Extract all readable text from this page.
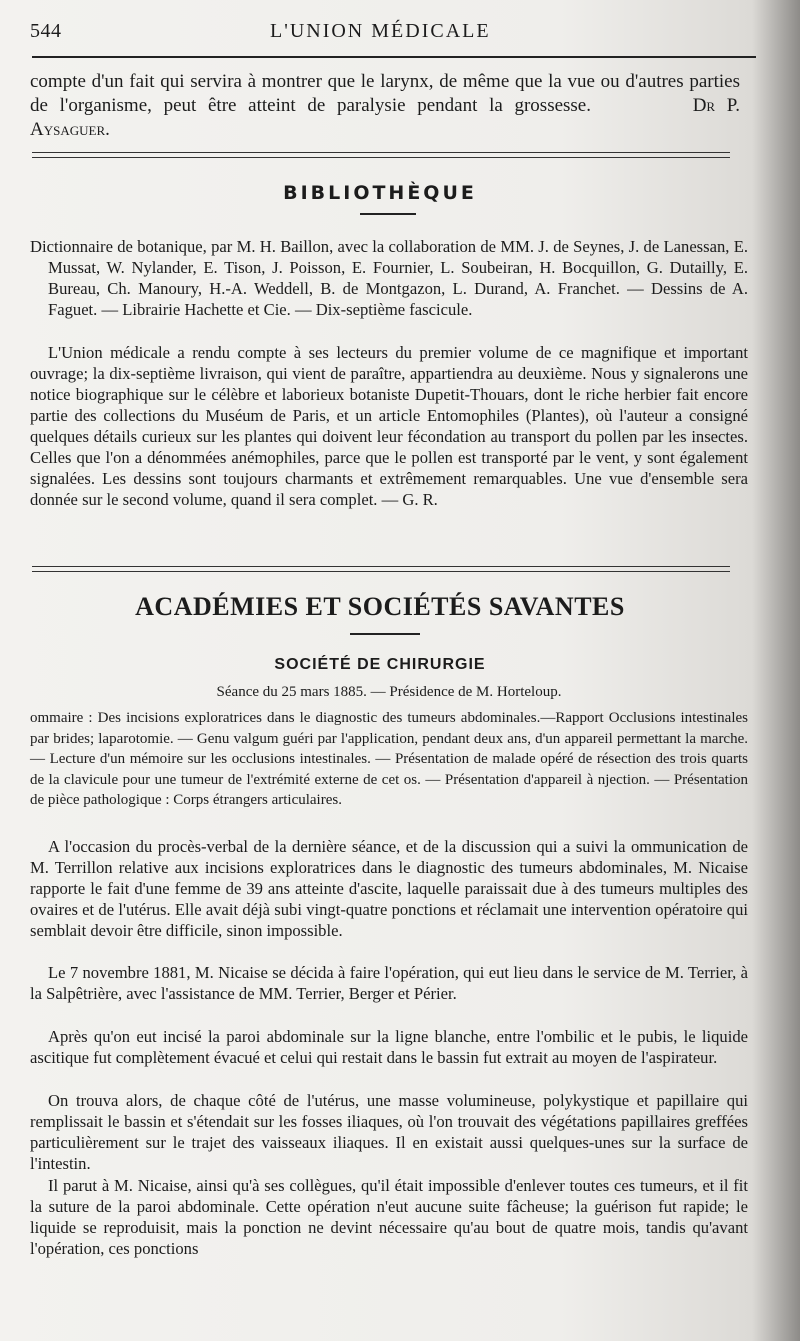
544	L'UNION MÉDICALE
compte d'un fait qui servira à montrer que le larynx, de même que la vue ou d'autres parties de l'organisme, peut être atteint de paralysie pendant la grossesse.	Dr P. Aysaguer.
BIBLIOTHÈQUE
Dictionnaire de botanique, par M. H. Baillon, avec la collaboration de MM. J. de Seynes, J. de Lanessan, E. Mussat, W. Nylander, E. Tison, J. Poisson, E. Fournier, L. Soubeiran, H. Bocquillon, G. Dutailly, E. Bureau, Ch. Manoury, H.-A. Weddell, B. de Montgazon, L. Durand, A. Franchet. — Dessins de A. Faguet. — Librairie Hachette et Cie. — Dix-septième fascicule.
L'Union médicale a rendu compte à ses lecteurs du premier volume de ce magnifique et important ouvrage; la dix-septième livraison, qui vient de paraître, appartiendra au deuxième. Nous y signalerons une notice biographique sur le célèbre et laborieux botaniste Dupetit-Thouars, dont le riche herbier fait encore partie des collections du Muséum de Paris, et un article Entomophiles (Plantes), où l'auteur a consigné quelques détails curieux sur les plantes qui doivent leur fécondation au transport du pollen par les insectes. Celles que l'on a dénommées anémophiles, parce que le pollen est transporté par le vent, y sont également signalées. Les dessins sont toujours charmants et extrêmement remarquables. Une vue d'ensemble sera donnée sur le second volume, quand il sera complet. — G. R.
ACADÉMIES ET SOCIÉTÉS SAVANTES
SOCIÉTÉ DE CHIRURGIE
Séance du 25 mars 1885. — Présidence de M. Horteloup.
ommaire : Des incisions exploratrices dans le diagnostic des tumeurs abdominales.—Rapport Occlusions intestinales par brides; laparotomie. — Genu valgum guéri par l'application, pendant deux ans, d'un appareil permettant la marche. — Lecture d'un mémoire sur les occlusions intestinales. — Présentation de malade opéré de résection des trois quarts de la clavicule pour une tumeur de l'extrémité externe de cet os. — Présentation d'appareil à njection. — Présentation de pièce pathologique : Corps étrangers articulaires.
A l'occasion du procès-verbal de la dernière séance, et de la discussion qui a suivi la ommunication de M. Terrillon relative aux incisions exploratrices dans le diagnostic des tumeurs abdominales, M. Nicaise rapporte le fait d'une femme de 39 ans atteinte d'ascite, laquelle paraissait due à des tumeurs multiples des ovaires et de l'utérus. Elle avait déjà subi vingt-quatre ponctions et réclamait une intervention opératoire qui semblait devoir être difficile, sinon impossible.
Le 7 novembre 1881, M. Nicaise se décida à faire l'opération, qui eut lieu dans le service de M. Terrier, à la Salpêtrière, avec l'assistance de MM. Terrier, Berger et Périer.
Après qu'on eut incisé la paroi abdominale sur la ligne blanche, entre l'ombilic et le pubis, le liquide ascitique fut complètement évacué et celui qui restait dans le bassin fut extrait au moyen de l'aspirateur.
On trouva alors, de chaque côté de l'utérus, une masse volumineuse, polykystique et papillaire qui remplissait le bassin et s'étendait sur les fosses iliaques, où l'on trouvait des végétations papillaires greffées particulièrement sur le trajet des vaisseaux iliaques. Il en existait aussi quelques-unes sur la surface de l'intestin.
Il parut à M. Nicaise, ainsi qu'à ses collègues, qu'il était impossible d'enlever toutes ces tumeurs, et il fit la suture de la paroi abdominale. Cette opération n'eut aucune suite fâcheuse; la guérison fut rapide; le liquide se reproduisit, mais la ponction ne devint nécessaire qu'au bout de quatre mois, tandis qu'avant l'opération, ces ponctions
